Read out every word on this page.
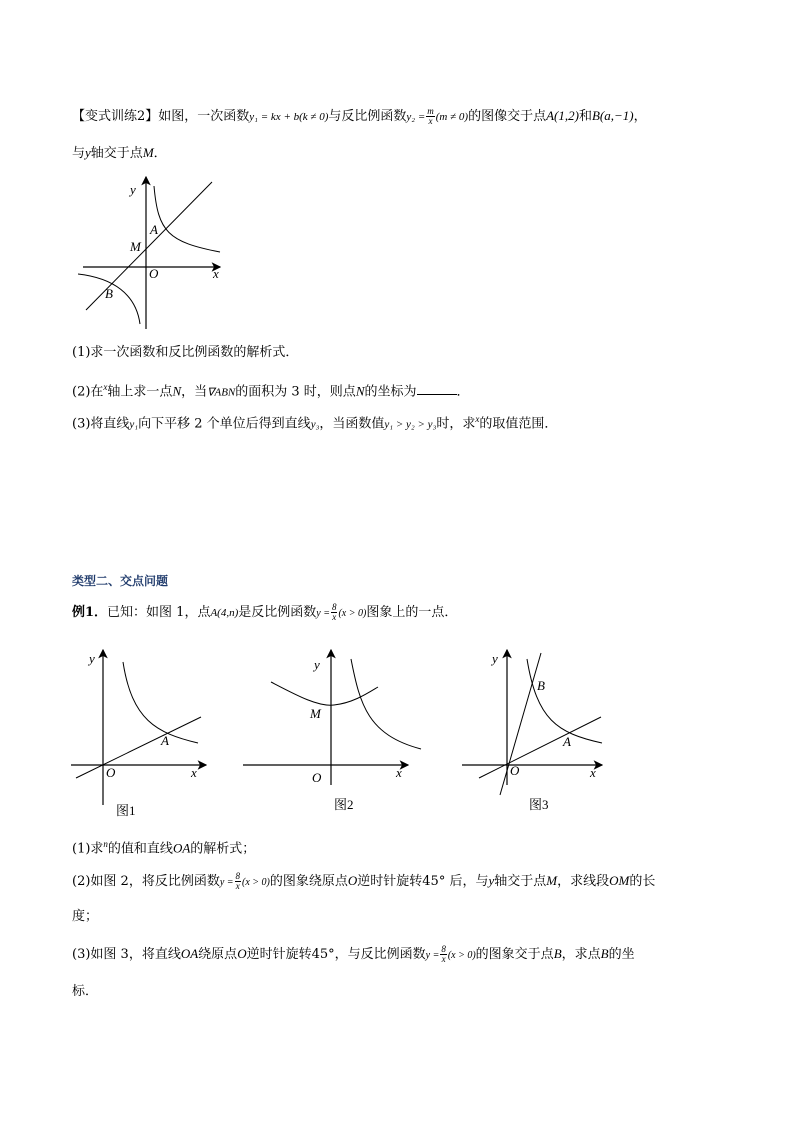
【变式训练2】如图，一次函数y₁ = kx + b(k ≠ 0)与反比例函数$y_2 = \frac{m}{x} (m \ne 0)$的图像交于点A(1,2)和B(a,−1)，
与y轴交于点M．
y
x
O
A
M
B
(1)求一次函数和反比例函数的解析式．
(2)在$^x$轴上求一点N，当∇ABN的面积为 3 时，则点N的坐标为	．
(3)将直线y₁向下平移 2 个单位后得到直线y₃，当函数值y₁ > y₂ > y₃时，求$^x$的取值范围．
类型二、交点问题
例1．已知：如图 1，点A(4,n)是反比例函数$y = \frac{8}{x} (x > 0)$图象上的一点．
y
x
O
A
图1
y
x
O
M
图2
y
x
O
A
B
图3
(1)求$^n$的值和直线OA的解析式；
(2)如图 2，将反比例函数$y = \frac{8}{x} (x > 0)$的图象绕原点O逆时针旋转45° 后，与y轴交于点M，求线段OM的长
度；
(3)如图 3，将直线OA绕原点O逆时针旋转45°，与反比例函数$y = \frac{8}{x} (x > 0)$的图象交于点B，求点B的坐
标．
